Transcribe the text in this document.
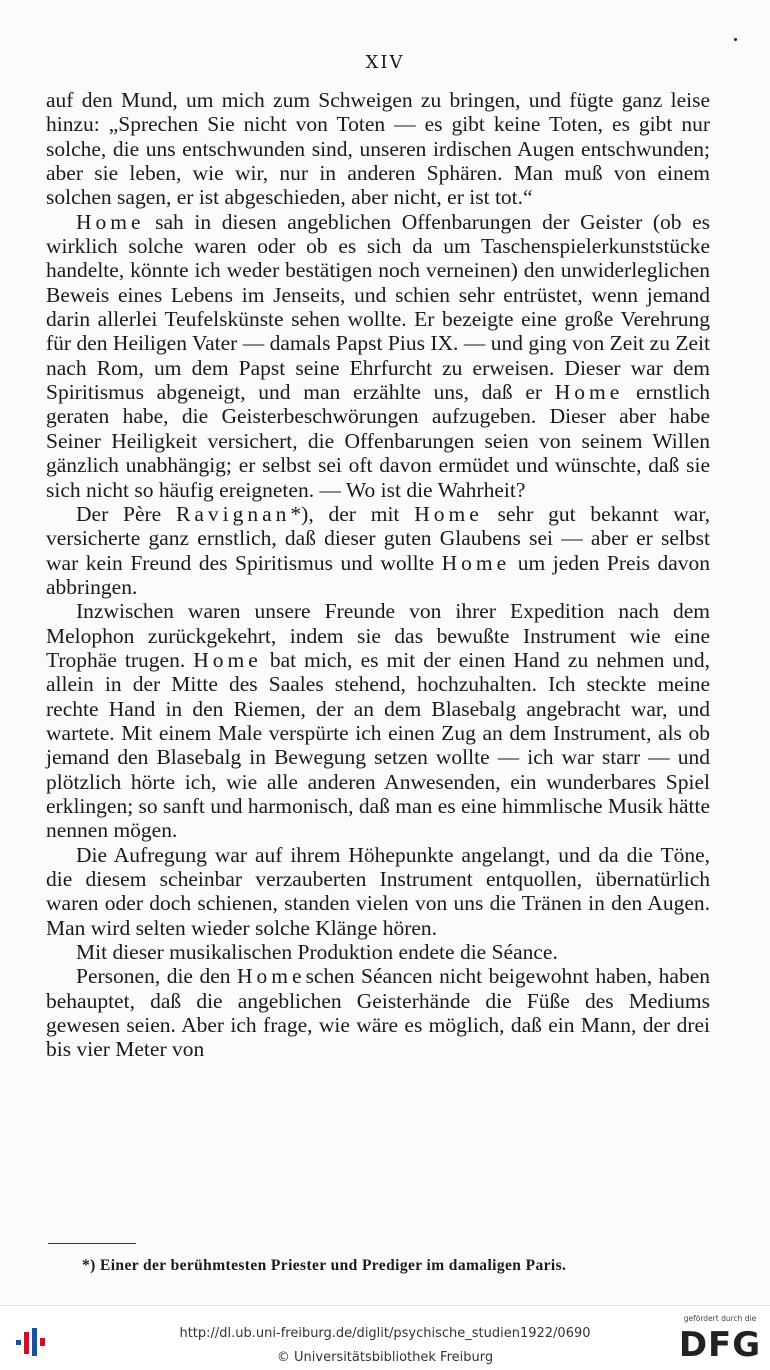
XIV

auf den Mund, um mich zum Schweigen zu bringen, und fügte ganz leise hinzu: „Sprechen Sie nicht von Toten — es gibt keine Toten, es gibt nur solche, die uns entschwunden sind, unseren irdischen Augen entschwunden; aber sie leben, wie wir, nur in anderen Sphären. Man muß von einem solchen sagen, er ist abgeschieden, aber nicht, er ist tot.“

Home sah in diesen angeblichen Offenbarungen der Geister (ob es wirklich solche waren oder ob es sich da um Taschenspielerkunststücke handelte, könnte ich weder bestätigen noch verneinen) den unwiderleglichen Beweis eines Lebens im Jenseits, und schien sehr entrüstet, wenn jemand darin allerlei Teufelskünste sehen wollte. Er bezeigte eine große Verehrung für den Heiligen Vater — damals Papst Pius IX. — und ging von Zeit zu Zeit nach Rom, um dem Papst seine Ehrfurcht zu erweisen. Dieser war dem Spiritismus abgeneigt, und man erzählte uns, daß er Home ernstlich geraten habe, die Geisterbeschwörungen aufzugeben. Dieser aber habe Seiner Heiligkeit versichert, die Offenbarungen seien von seinem Willen gänzlich unabhängig; er selbst sei oft davon ermüdet und wünschte, daß sie sich nicht so häufig ereigneten. — Wo ist die Wahrheit?

Der Père Ravignan*), der mit Home sehr gut bekannt war, versicherte ganz ernstlich, daß dieser guten Glaubens sei — aber er selbst war kein Freund des Spiritismus und wollte Home um jeden Preis davon abbringen.

Inzwischen waren unsere Freunde von ihrer Expedition nach dem Melophon zurückgekehrt, indem sie das bewußte Instrument wie eine Trophäe trugen. Home bat mich, es mit der einen Hand zu nehmen und, allein in der Mitte des Saales stehend, hochzuhalten. Ich steckte meine rechte Hand in den Riemen, der an dem Blasebalg angebracht war, und wartete. Mit einem Male verspürte ich einen Zug an dem Instrument, als ob jemand den Blasebalg in Bewegung setzen wollte — ich war starr — und plötzlich hörte ich, wie alle anderen Anwesenden, ein wunderbares Spiel erklingen; so sanft und harmonisch, daß man es eine himmlische Musik hätte nennen mögen.

Die Aufregung war auf ihrem Höhepunkte angelangt, und da die Töne, die diesem scheinbar verzauberten Instrument entquollen, übernatürlich waren oder doch schienen, standen vielen von uns die Tränen in den Augen. Man wird selten wieder solche Klänge hören.

Mit dieser musikalischen Produktion endete die Séance.

Personen, die den Homeschen Séancen nicht beigewohnt haben, haben behauptet, daß die angeblichen Geisterhände die Füße des Mediums gewesen seien. Aber ich frage, wie wäre es möglich, daß ein Mann, der drei bis vier Meter von

*) Einer der berühmtesten Priester und Prediger im damaligen Paris.
http://dl.ub.uni-freiburg.de/diglit/psychische_studien1922/0690
© Universitätsbibliothek Freiburg
gefördert durch die
DFG
